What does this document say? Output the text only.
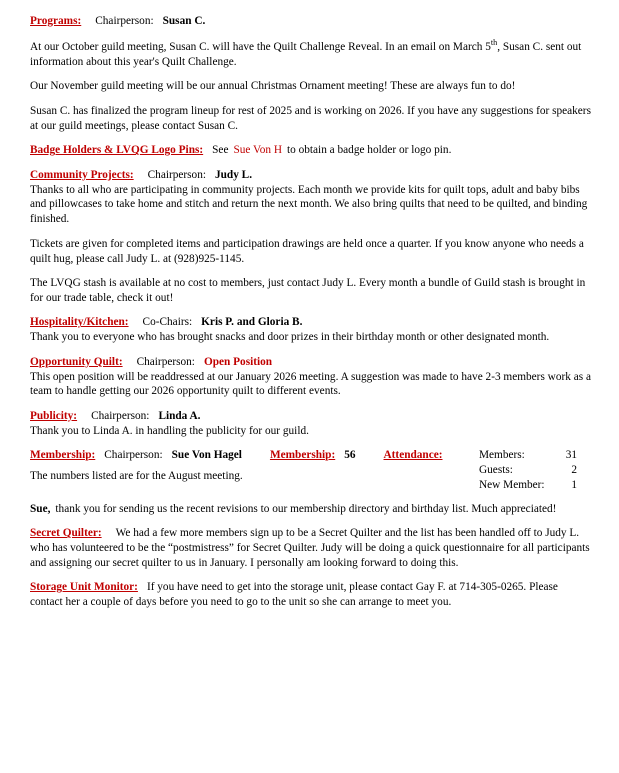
Programs: Chairperson: Susan C.

At our October guild meeting, Susan C. will have the Quilt Challenge Reveal. In an email on March 5th, Susan C. sent out information about this year's Quilt Challenge.

Our November guild meeting will be our annual Christmas Ornament meeting! These are always fun to do!

Susan C. has finalized the program lineup for rest of 2025 and is working on 2026. If you have any suggestions for speakers at our guild meetings, please contact Susan C.

Badge Holders & LVQG Logo Pins: See Sue Von H to obtain a badge holder or logo pin.

Community Projects: Chairperson: Judy L.

Thanks to all who are participating in community projects. Each month we provide kits for quilt tops, adult and baby bibs and pillowcases to take home and stitch and return the next month. We also bring quilts that need to be quilted, and binding finished.

Tickets are given for completed items and participation drawings are held once a quarter. If you know anyone who needs a quilt hug, please call Judy L. at (928)925-1145.

The LVQG stash is available at no cost to members, just contact Judy L. Every month a bundle of Guild stash is brought in for our trade table, check it out!

Hospitality/Kitchen: Co-Chairs: Kris P. and Gloria B.

Thank you to everyone who has brought snacks and door prizes in their birthday month or other designated month.

Opportunity Quilt: Chairperson: Open Position

This open position will be readdressed at our January 2026 meeting. A suggestion was made to have 2-3 members work as a team to handle getting our 2026 opportunity quilt to different events.

Publicity: Chairperson: Linda A.

Thank you to Linda A. in handling the publicity for our guild.

Membership: Chairperson: Sue Von Hagel Membership: 56 Attendance:

The numbers listed are for the August meeting.

Members:	31
Guests:	2
New Member:	1

Sue, thank you for sending us the recent revisions to our membership directory and birthday list. Much appreciated!

Secret Quilter: We had a few more members sign up to be a Secret Quilter and the list has been handled off to Judy L. who has volunteered to be the “postmistress” for Secret Quilter. Judy will be doing a quick questionnaire for all participants and assigning our secret quilter to us in January. I personally am looking forward to doing this.

Storage Unit Monitor: If you have need to get into the storage unit, please contact Gay F. at 714-305-0265. Please contact her a couple of days before you need to go to the unit so she can arrange to meet you.
